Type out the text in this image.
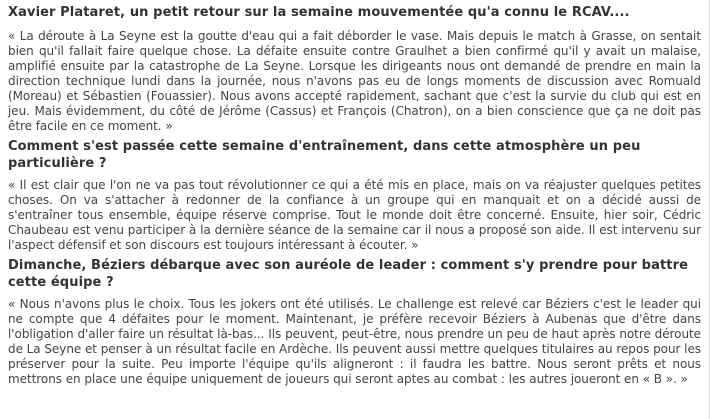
Xavier Plataret, un petit retour sur la semaine mouvementée qu'a connu le RCAV....

« La déroute à La Seyne est la goutte d'eau qui a fait déborder le vase. Mais depuis le match à Grasse, on sentait bien qu'il fallait faire quelque chose. La défaite ensuite contre Graulhet a bien confirmé qu'il y avait un malaise, amplifié ensuite par la catastrophe de La Seyne. Lorsque les dirigeants nous ont demandé de prendre en main la direction technique lundi dans la journée, nous n'avons pas eu de longs moments de discussion avec Romuald (Moreau) et Sébastien (Fouassier). Nous avons accepté rapidement, sachant que c'est la survie du club qui est en jeu. Mais évidemment, du côté de Jérôme (Cassus) et François (Chatron), on a bien conscience que ça ne doit pas être facile en ce moment. »

Comment s'est passée cette semaine d'entraînement, dans cette atmosphère un peu particulière ?

« Il est clair que l'on ne va pas tout révolutionner ce qui a été mis en place, mais on va réajuster quelques petites choses. On va s'attacher à redonner de la confiance à un groupe qui en manquait et on a décidé aussi de s'entraîner tous ensemble, équipe réserve comprise. Tout le monde doit être concerné. Ensuite, hier soir, Cédric Chaubeau est venu participer à la dernière séance de la semaine car il nous a proposé son aide. Il est intervenu sur l'aspect défensif et son discours est toujours intéressant à écouter. »

Dimanche, Béziers débarque avec son auréole de leader : comment s'y prendre pour battre cette équipe ?

« Nous n'avons plus le choix. Tous les jokers ont été utilisés. Le challenge est relevé car Béziers c'est le leader qui ne compte que 4 défaites pour le moment. Maintenant, je préfère recevoir Béziers à Aubenas que d'être dans l'obligation d'aller faire un résultat là-bas... Ils peuvent, peut-être, nous prendre un peu de haut après notre déroute de La Seyne et penser à un résultat facile en Ardèche. Ils peuvent aussi mettre quelques titulaires au repos pour les préserver pour la suite. Peu importe l'équipe qu'ils aligneront : il faudra les battre. Nous seront prêts et nous mettrons en place une équipe uniquement de joueurs qui seront aptes au combat : les autres joueront en « B ». »
